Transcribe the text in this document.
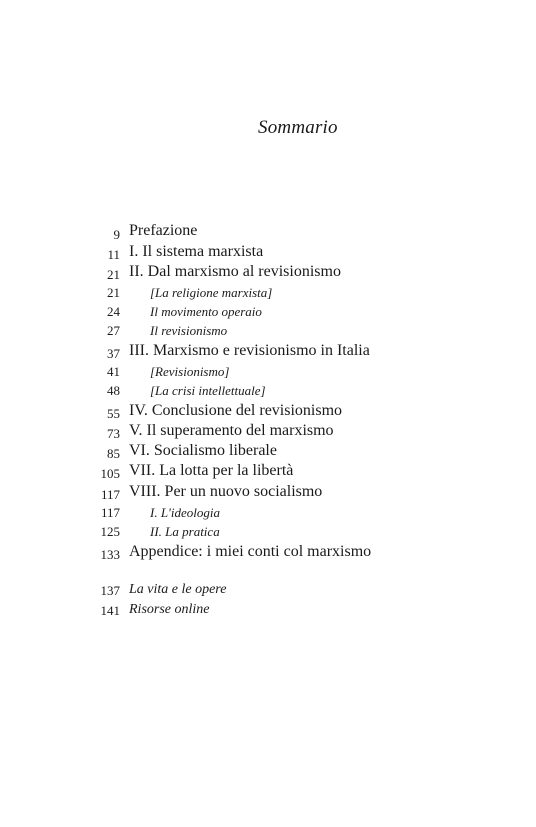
Sommario
9 Prefazione
11 I. Il sistema marxista
21 II. Dal marxismo al revisionismo
21 [La religione marxista]
24 Il movimento operaio
27 Il revisionismo
37 III. Marxismo e revisionismo in Italia
41 [Revisionismo]
48 [La crisi intellettuale]
55 IV. Conclusione del revisionismo
73 V. Il superamento del marxismo
85 VI. Socialismo liberale
105 VII. La lotta per la libertà
117 VIII. Per un nuovo socialismo
117 I. L'ideologia
125 II. La pratica
133 Appendice: i miei conti col marxismo
137 La vita e le opere
141 Risorse online
